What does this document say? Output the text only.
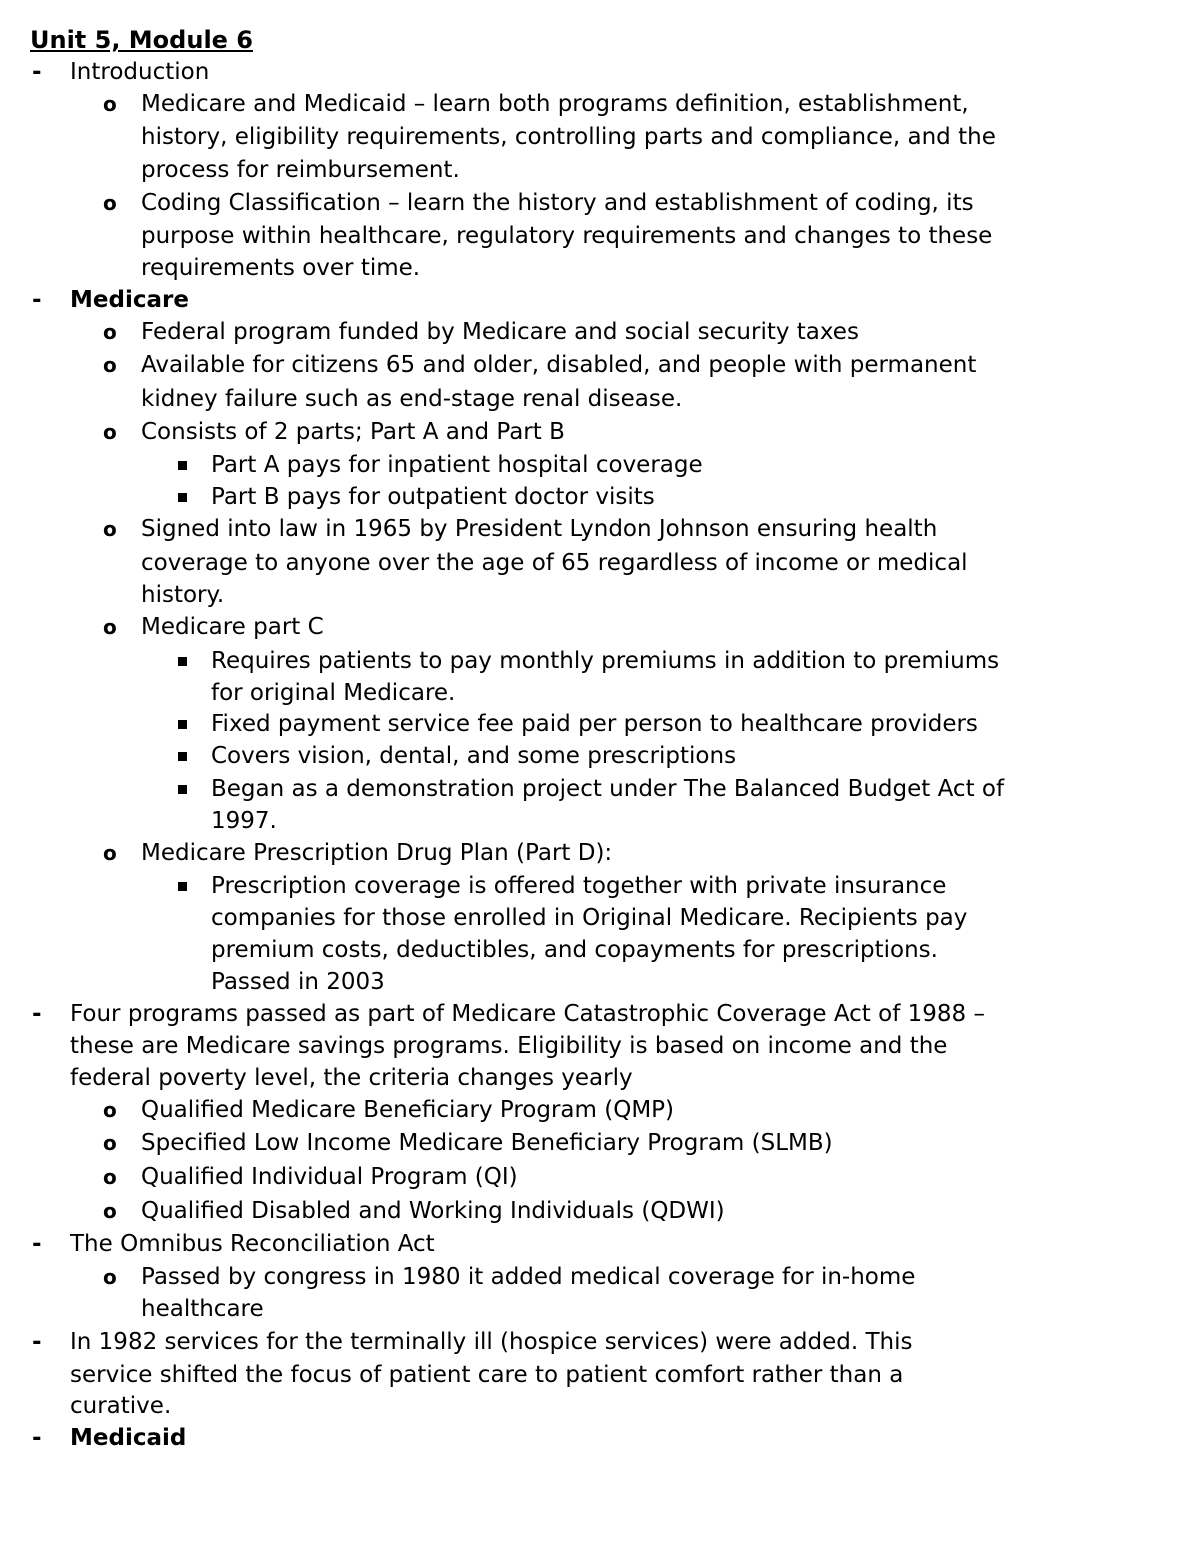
Unit 5, Module 6
- Introduction
o Medicare and Medicaid – learn both programs definition, establishment,
history, eligibility requirements, controlling parts and compliance, and the
process for reimbursement.
o Coding Classification – learn the history and establishment of coding, its
purpose within healthcare, regulatory requirements and changes to these
requirements over time.
- Medicare
o Federal program funded by Medicare and social security taxes
o Available for citizens 65 and older, disabled, and people with permanent
kidney failure such as end-stage renal disease.
o Consists of 2 parts; Part A and Part B
Part A pays for inpatient hospital coverage
Part B pays for outpatient doctor visits
o Signed into law in 1965 by President Lyndon Johnson ensuring health
coverage to anyone over the age of 65 regardless of income or medical
history.
o Medicare part C
Requires patients to pay monthly premiums in addition to premiums
for original Medicare.
Fixed payment service fee paid per person to healthcare providers
Covers vision, dental, and some prescriptions
Began as a demonstration project under The Balanced Budget Act of
1997.
o Medicare Prescription Drug Plan (Part D):
Prescription coverage is offered together with private insurance
companies for those enrolled in Original Medicare. Recipients pay
premium costs, deductibles, and copayments for prescriptions.
Passed in 2003
- Four programs passed as part of Medicare Catastrophic Coverage Act of 1988 –
these are Medicare savings programs. Eligibility is based on income and the
federal poverty level, the criteria changes yearly
o Qualified Medicare Beneficiary Program (QMP)
o Specified Low Income Medicare Beneficiary Program (SLMB)
o Qualified Individual Program (QI)
o Qualified Disabled and Working Individuals (QDWI)
- The Omnibus Reconciliation Act
o Passed by congress in 1980 it added medical coverage for in-home
healthcare
- In 1982 services for the terminally ill (hospice services) were added. This
service shifted the focus of patient care to patient comfort rather than a
curative.
- Medicaid
